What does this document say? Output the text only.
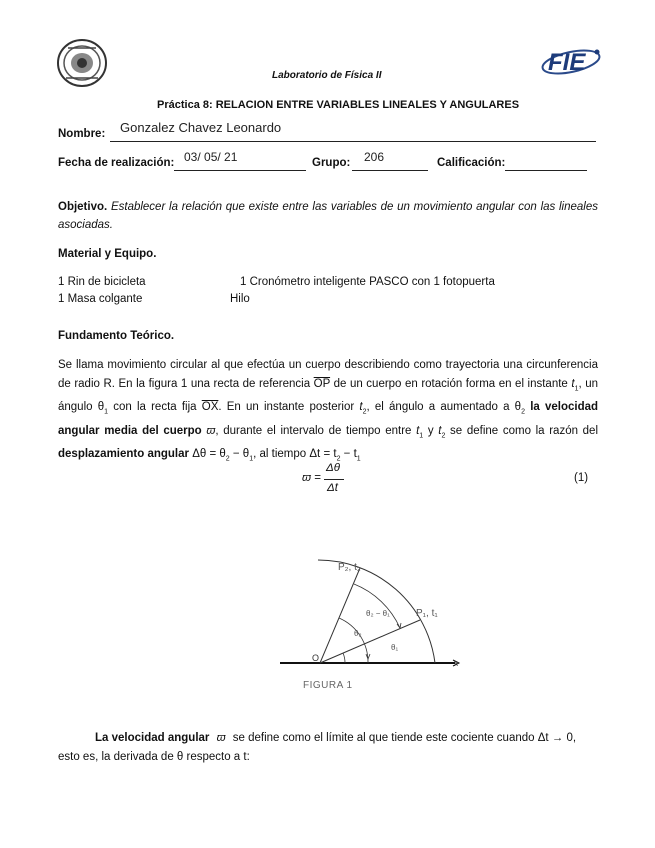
FIE
Laboratorio de Física II
Práctica 8: RELACION ENTRE VARIABLES LINEALES Y ANGULARES
Nombre: Gonzalez Chavez Leonardo
Fecha de realización: 03/ 05/ 21	Grupo: 206	Calificación:

Objetivo. Establecer la relación que existe entre las variables de un movimiento angular con las lineales asociadas.

Material y Equipo.
1 Rin de bicicleta	1 Cronómetro inteligente PASCO con 1 fotopuerta
1 Masa colgante	Hilo
Fundamento Teórico.

Se llama movimiento circular al que efectúa un cuerpo describiendo como trayectoria una circunferencia de radio R. En la figura 1 una recta de referencia $\overline{OP}$ de un cuerpo en rotación forma en el instante $t_1$, un ángulo $\theta_1$ con la recta fija $\overline{OX}$. En un instante posterior $t_2$, el ángulo a aumentado a $\theta_2$ la velocidad angular media del cuerpo ϖ, durante el intervalo de tiempo entre $t_1$ y $t_2$ se define como la razón del desplazamiento angular $\Delta\theta = \theta_2 - \theta_1$, al tiempo $\Delta t = t_2 - t_1$

ϖ =
Δθ
Δt
(1)
O
x
P₂, t₂
P₁, t₁
θ₂ − θ₁
θ₂
θ₁
FIGURA 1
La velocidad angular ϖ se define como el límite al que tiende este cociente cuando Δt → 0,
esto es, la derivada de θ respecto a t:
